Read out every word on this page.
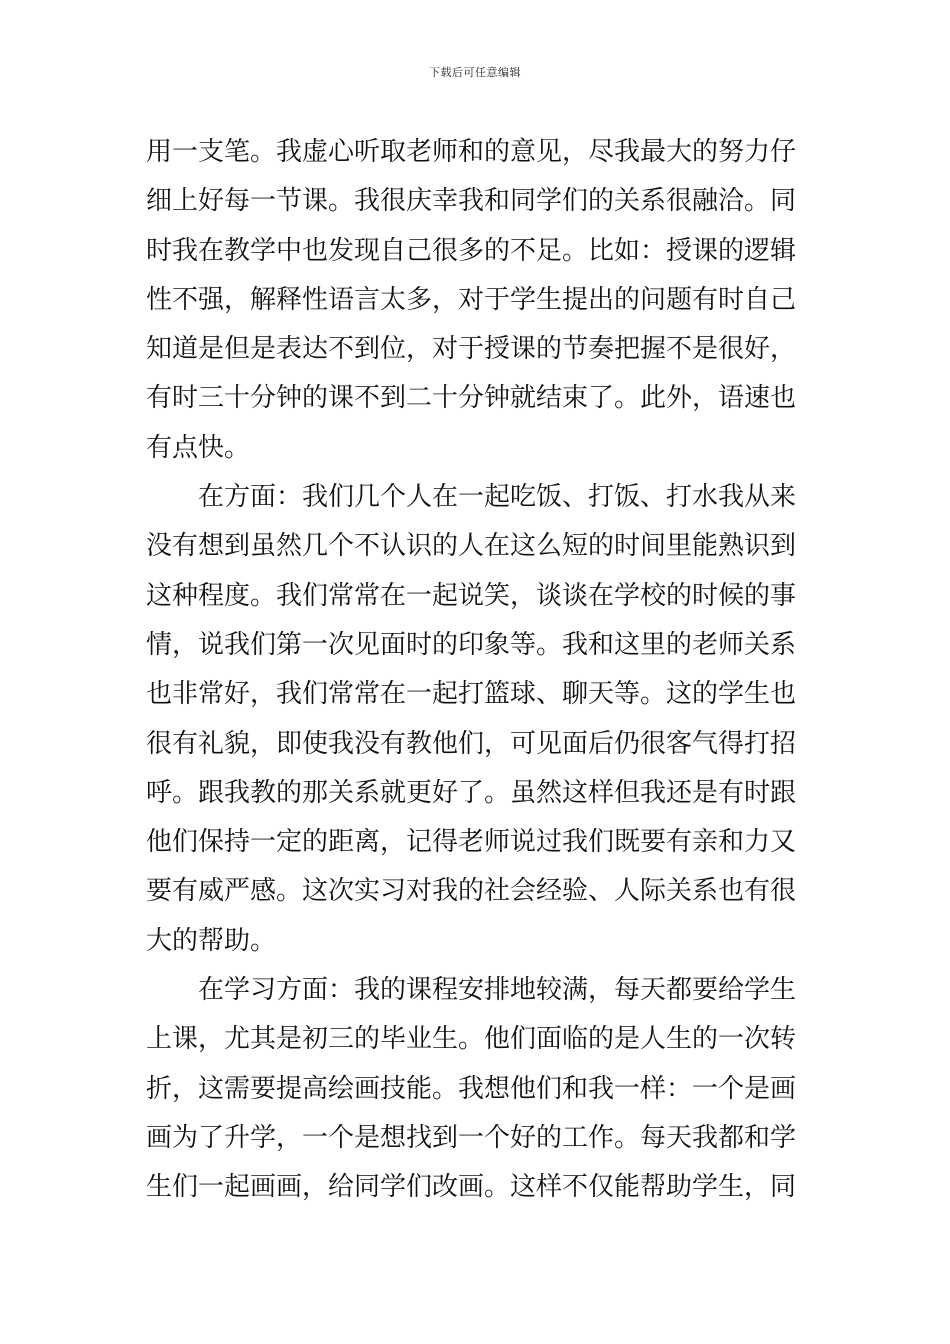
下载后可任意编辑
用一支笔。我虚心听取老师和的意见，尽我最大的努力仔
细上好每一节课。我很庆幸我和同学们的关系很融洽。同
时我在教学中也发现自己很多的不足。比如：授课的逻辑
性不强，解释性语言太多，对于学生提出的问题有时自己
知道是但是表达不到位，对于授课的节奏把握不是很好，
有时三十分钟的课不到二十分钟就结束了。此外，语速也
有点快。
在方面：我们几个人在一起吃饭、打饭、打水我从来
没有想到虽然几个不认识的人在这么短的时间里能熟识到
这种程度。我们常常在一起说笑，谈谈在学校的时候的事
情，说我们第一次见面时的印象等。我和这里的老师关系
也非常好，我们常常在一起打篮球、聊天等。这的学生也
很有礼貌，即使我没有教他们，可见面后仍很客气得打招
呼。跟我教的那关系就更好了。虽然这样但我还是有时跟
他们保持一定的距离，记得老师说过我们既要有亲和力又
要有威严感。这次实习对我的社会经验、人际关系也有很
大的帮助。
在学习方面：我的课程安排地较满，每天都要给学生
上课，尤其是初三的毕业生。他们面临的是人生的一次转
折，这需要提高绘画技能。我想他们和我一样：一个是画
画为了升学，一个是想找到一个好的工作。每天我都和学
生们一起画画，给同学们改画。这样不仅能帮助学生，同
